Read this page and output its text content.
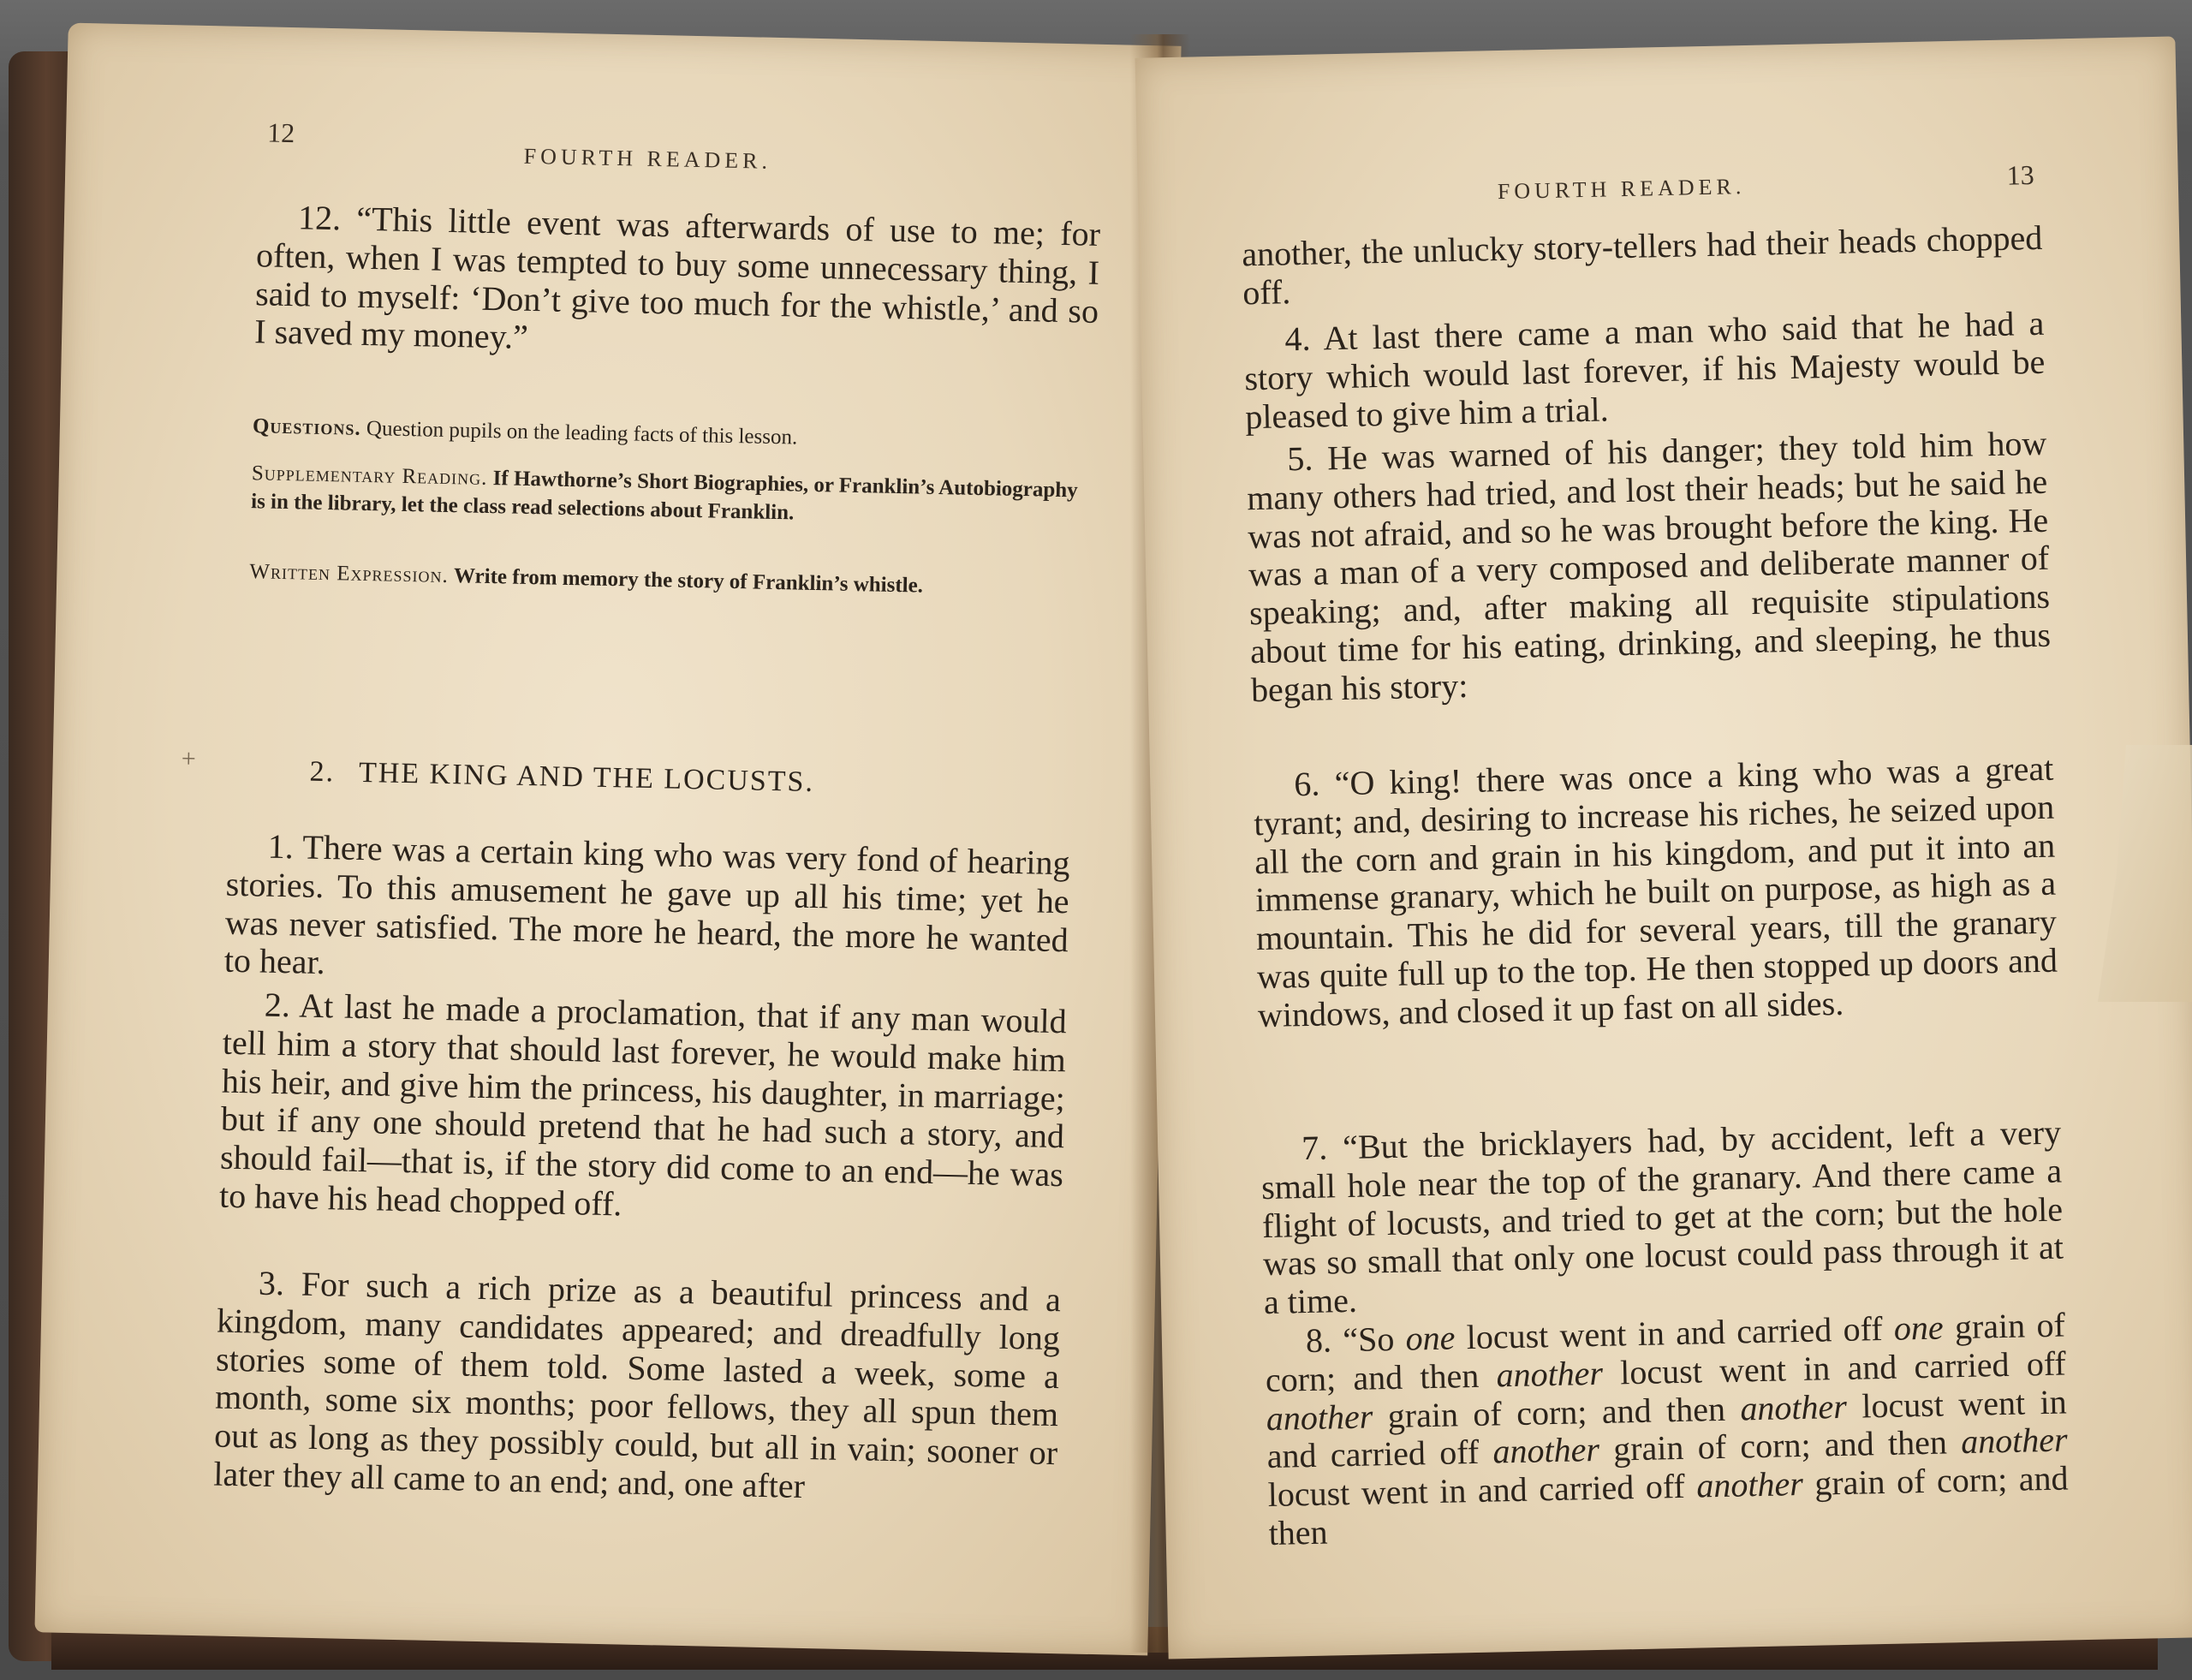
12
FOURTH READER.

12. “This little event was afterwards of use to me; for often, when I was tempted to buy some unnecessary thing, I said to myself: ‘Don’t give too much for the whistle,’ and so I saved my money.”

Questions. Question pupils on the leading facts of this lesson.

Supplementary Reading. If Hawthorne’s Short Biographies, or Franklin’s Autobiography is in the library, let the class read selections about Franklin.

Written Expression. Write from memory the story of Franklin’s whistle.

+	2. THE KING AND THE LOCUSTS.

1. There was a certain king who was very fond of hearing stories. To this amusement he gave up all his time; yet he was never satisfied. The more he heard, the more he wanted to hear.

2. At last he made a proclamation, that if any man would tell him a story that should last forever, he would make him his heir, and give him the princess, his daughter, in marriage; but if any one should pretend that he had such a story, and should fail—that is, if the story did come to an end—he was to have his head chopped off.

3. For such a rich prize as a beautiful princess and a kingdom, many candidates appeared; and dreadfully long stories some of them told. Some lasted a week, some a month, some six months; poor fellows, they all spun them out as long as they possibly could, but all in vain; sooner or later they all came to an end; and, one after

FOURTH READER.	13

another, the unlucky story-tellers had their heads chopped off.

4. At last there came a man who said that he had a story which would last forever, if his Majesty would be pleased to give him a trial.

5. He was warned of his danger; they told him how many others had tried, and lost their heads; but he said he was not afraid, and so he was brought before the king. He was a man of a very composed and deliberate manner of speaking; and, after making all requisite stipulations about time for his eating, drinking, and sleeping, he thus began his story:

6. “O king! there was once a king who was a great tyrant; and, desiring to increase his riches, he seized upon all the corn and grain in his kingdom, and put it into an immense granary, which he built on purpose, as high as a mountain. This he did for several years, till the granary was quite full up to the top. He then stopped up doors and windows, and closed it up fast on all sides.

7. “But the bricklayers had, by accident, left a very small hole near the top of the granary. And there came a flight of locusts, and tried to get at the corn; but the hole was so small that only one locust could pass through it at a time.

8. “So one locust went in and carried off one grain of corn; and then another locust went in and carried off another grain of corn; and then another locust went in and carried off another grain of corn; and then another locust went in and carried off another grain of corn; and then
